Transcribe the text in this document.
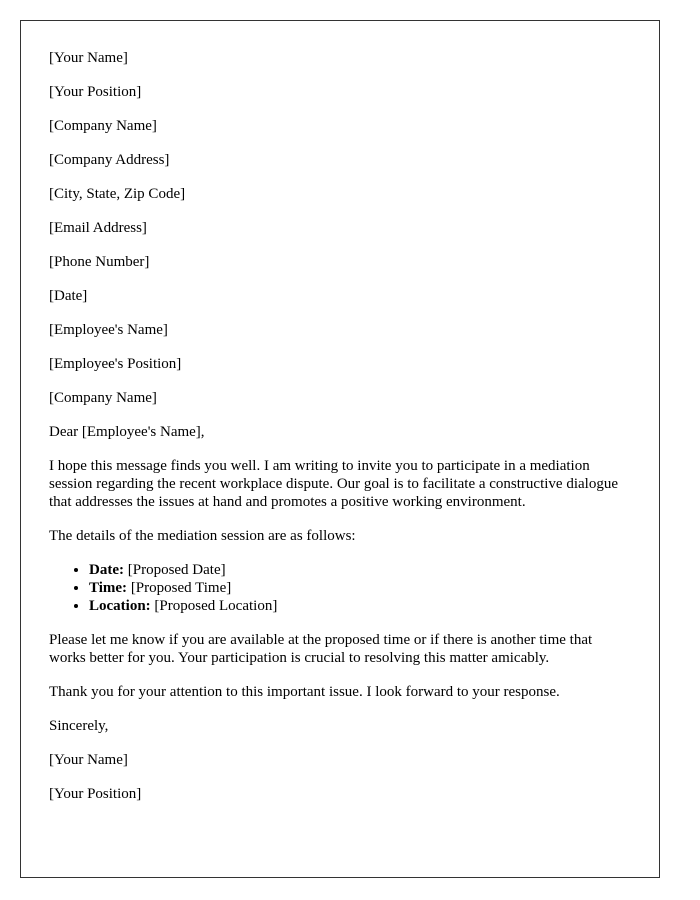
[Your Name]
[Your Position]
[Company Name]
[Company Address]
[City, State, Zip Code]
[Email Address]
[Phone Number]
[Date]
[Employee's Name]
[Employee's Position]
[Company Name]
Dear [Employee's Name],

I hope this message finds you well. I am writing to invite you to participate in a mediation session regarding the recent workplace dispute. Our goal is to facilitate a constructive dialogue that addresses the issues at hand and promotes a positive working environment.

The details of the mediation session are as follows:

• Date: [Proposed Date]
• Time: [Proposed Time]
• Location: [Proposed Location]

Please let me know if you are available at the proposed time or if there is another time that works better for you. Your participation is crucial to resolving this matter amicably.

Thank you for your attention to this important issue. I look forward to your response.

Sincerely,
[Your Name]
[Your Position]
